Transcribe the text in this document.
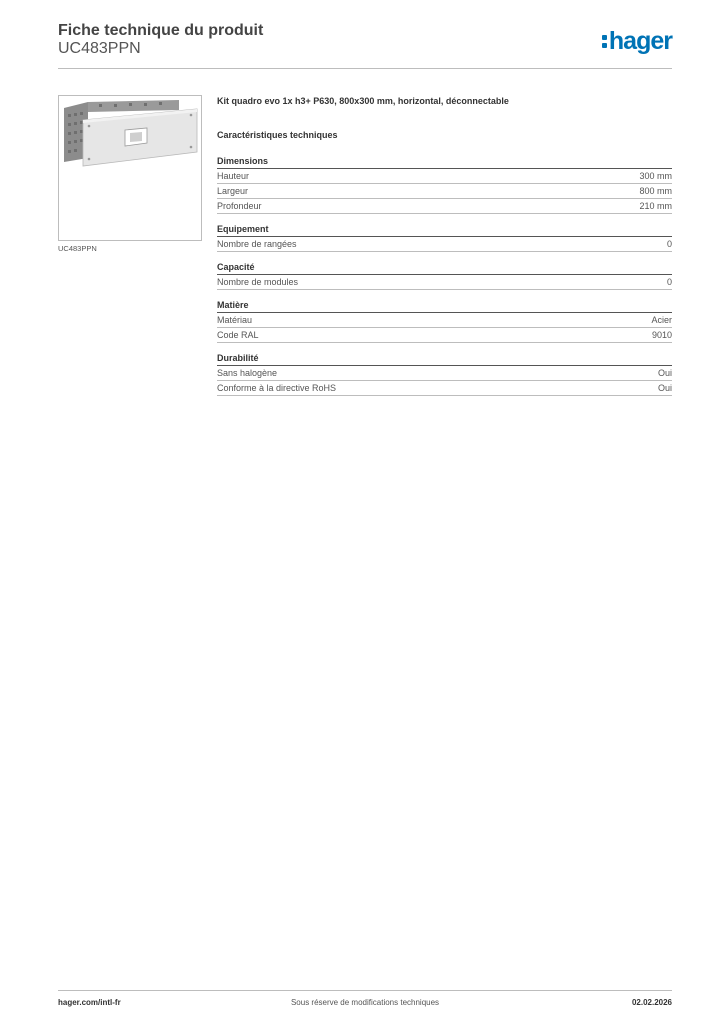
Fiche technique du produit
UC483PPN	hager
UC483PPN
Kit quadro evo 1x h3+ P630, 800x300 mm, horizontal, déconnectable
Caractéristiques techniques
Dimensions
Hauteur	300 mm
Largeur	800 mm
Profondeur	210 mm
Equipement
Nombre de rangées	0
Capacité
Nombre de modules	0
Matière
Matériau	Acier
Code RAL	9010
Durabilité
Sans halogène	Oui
Conforme à la directive RoHS	Oui
hager.com/intl-fr	Sous réserve de modifications techniques	02.02.2026
